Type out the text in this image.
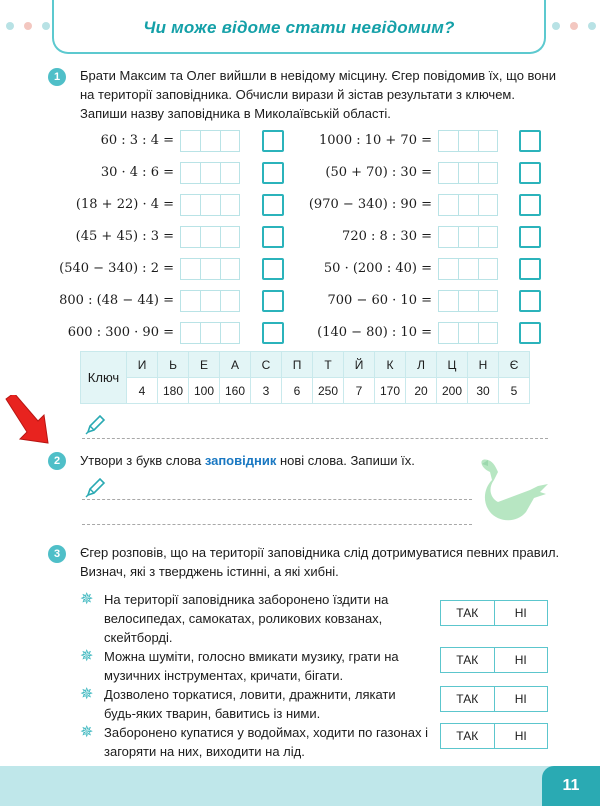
Чи може відоме стати невідомим?
1	Брати Максим та Олег вийшли в невідому місцину. Єгер повідомив їх, що вони на території заповідника. Обчисли вирази й зістав результати з ключем. Запиши назву заповідника в Миколаївській області.
60 : 3 : 4 =
30 · 4 : 6 =
(18 + 22) · 4 =
(45 + 45) : 3 =
(540 − 340) : 2 =
800 : (48 − 44) =
600 : 300 · 90 =
1000 : 10 + 70 =
(50 + 70) : 30 =
(970 − 340) : 90 =
720 : 8 : 30 =
50 · (200 : 40) =
700 − 60 · 10 =
(140 − 80) : 10 =
Ключ	И	Ь	Е	А	С	П	Т	Й	К	Л	Ц	Н	Є
	4	180	100	160	3	6	250	7	170	20	200	30	5
2	Утвори з букв слова заповідник нові слова. Запиши їх.
3	Єгер розповів, що на території заповідника слід дотримуватися певних правил. Визнач, які з тверджень істинні, а які хибні.
✵ На території заповідника заборонено їздити на велосипедах, самокатах, роликових ковзанах, скейтборді.
ТАК	НІ
✵ Можна шуміти, голосно вмикати музику, грати на музичних інструментах, кричати, бігати.
ТАК	НІ
✵ Дозволено торкатися, ловити, дражнити, лякати будь-яких тварин, бавитись із ними.
ТАК	НІ
✵ Заборонено купатися у водоймах, ходити по газонах і загоряти на них, виходити на лід.
ТАК	НІ
11
